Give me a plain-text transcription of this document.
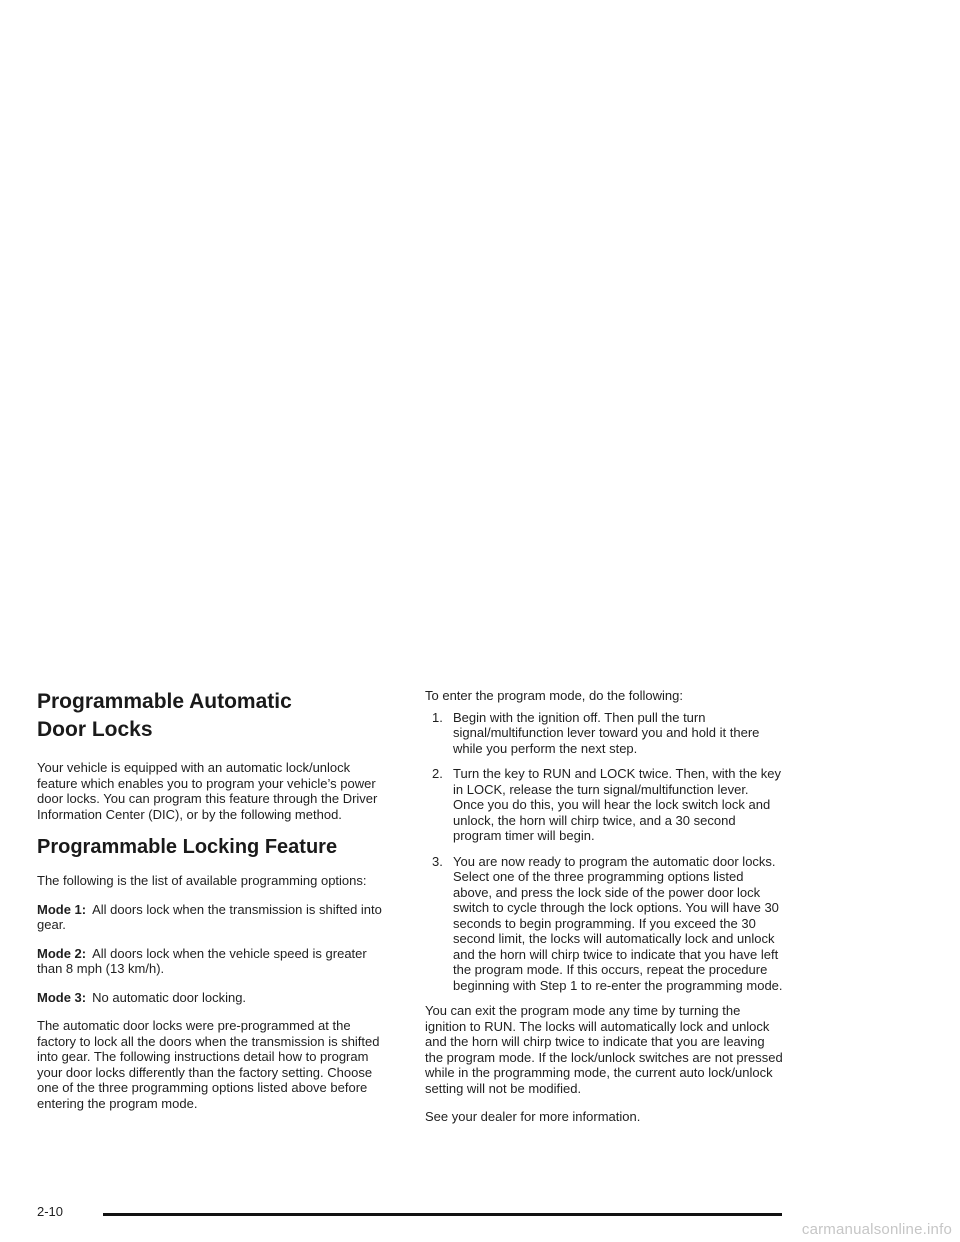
Programmable Automatic
Door Locks

Your vehicle is equipped with an automatic lock/unlock feature which enables you to program your vehicle’s power door locks. You can program this feature through the Driver Information Center (DIC), or by the following method.

Programmable Locking Feature

The following is the list of available programming options:

Mode 1: All doors lock when the transmission is shifted into gear.

Mode 2: All doors lock when the vehicle speed is greater than 8 mph (13 km/h).

Mode 3: No automatic door locking.

The automatic door locks were pre-programmed at the factory to lock all the doors when the transmission is shifted into gear. The following instructions detail how to program your door locks differently than the factory setting. Choose one of the three programming options listed above before entering the program mode.

To enter the program mode, do the following:

1. Begin with the ignition off. Then pull the turn signal/multifunction lever toward you and hold it there while you perform the next step.
2. Turn the key to RUN and LOCK twice. Then, with the key in LOCK, release the turn signal/multifunction lever. Once you do this, you will hear the lock switch lock and unlock, the horn will chirp twice, and a 30 second program timer will begin.
3. You are now ready to program the automatic door locks. Select one of the three programming options listed above, and press the lock side of the power door lock switch to cycle through the lock options. You will have 30 seconds to begin programming. If you exceed the 30 second limit, the locks will automatically lock and unlock and the horn will chirp twice to indicate that you have left the program mode. If this occurs, repeat the procedure beginning with Step 1 to re-enter the programming mode.

You can exit the program mode any time by turning the ignition to RUN. The locks will automatically lock and unlock and the horn will chirp twice to indicate that you are leaving the program mode. If the lock/unlock switches are not pressed while in the programming mode, the current auto lock/unlock setting will not be modified.

See your dealer for more information.

2-10
carmanualsonline.info
